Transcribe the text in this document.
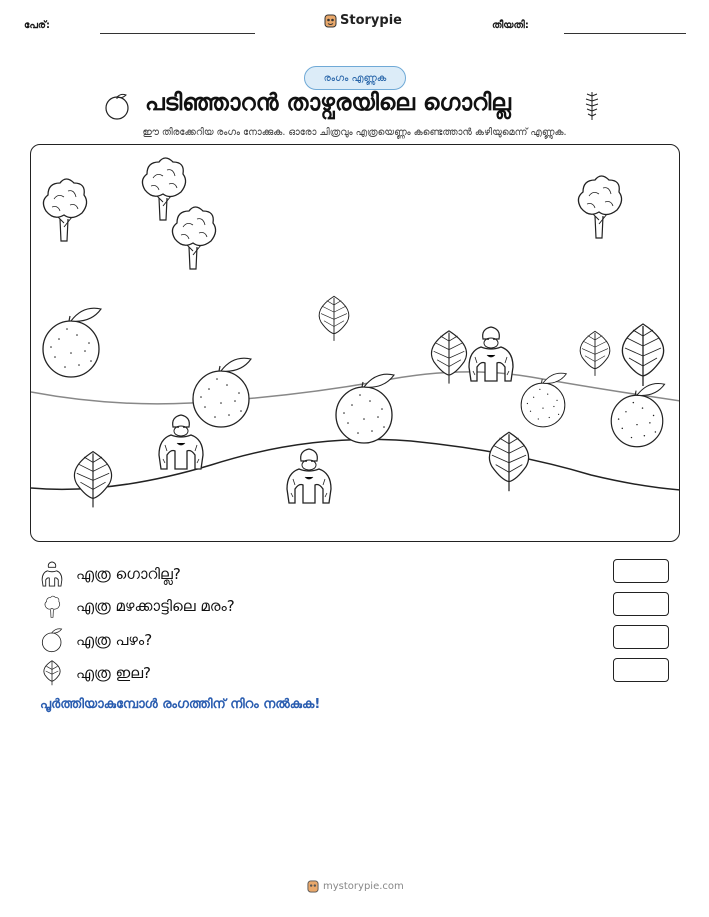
പേര്:	Storypie	തീയതി:
രംഗം എണ്ണുക
പടിഞ്ഞാറൻ താഴ്വരയിലെ ഗൊറില്ല
ഈ തിരക്കേറിയ രംഗം നോക്കുക. ഓരോ ചിത്രവും എത്രയെണ്ണം കണ്ടെത്താൻ കഴിയുമെന്ന് എണ്ണുക.
എത്ര ഗൊറില്ല?
എത്ര മഴക്കാട്ടിലെ മരം?
എത്ര പഴം?
എത്ര ഇല?
പൂർത്തിയാകുമ്പോൾ രംഗത്തിന് നിറം നൽകുക!
mystorypie.com
